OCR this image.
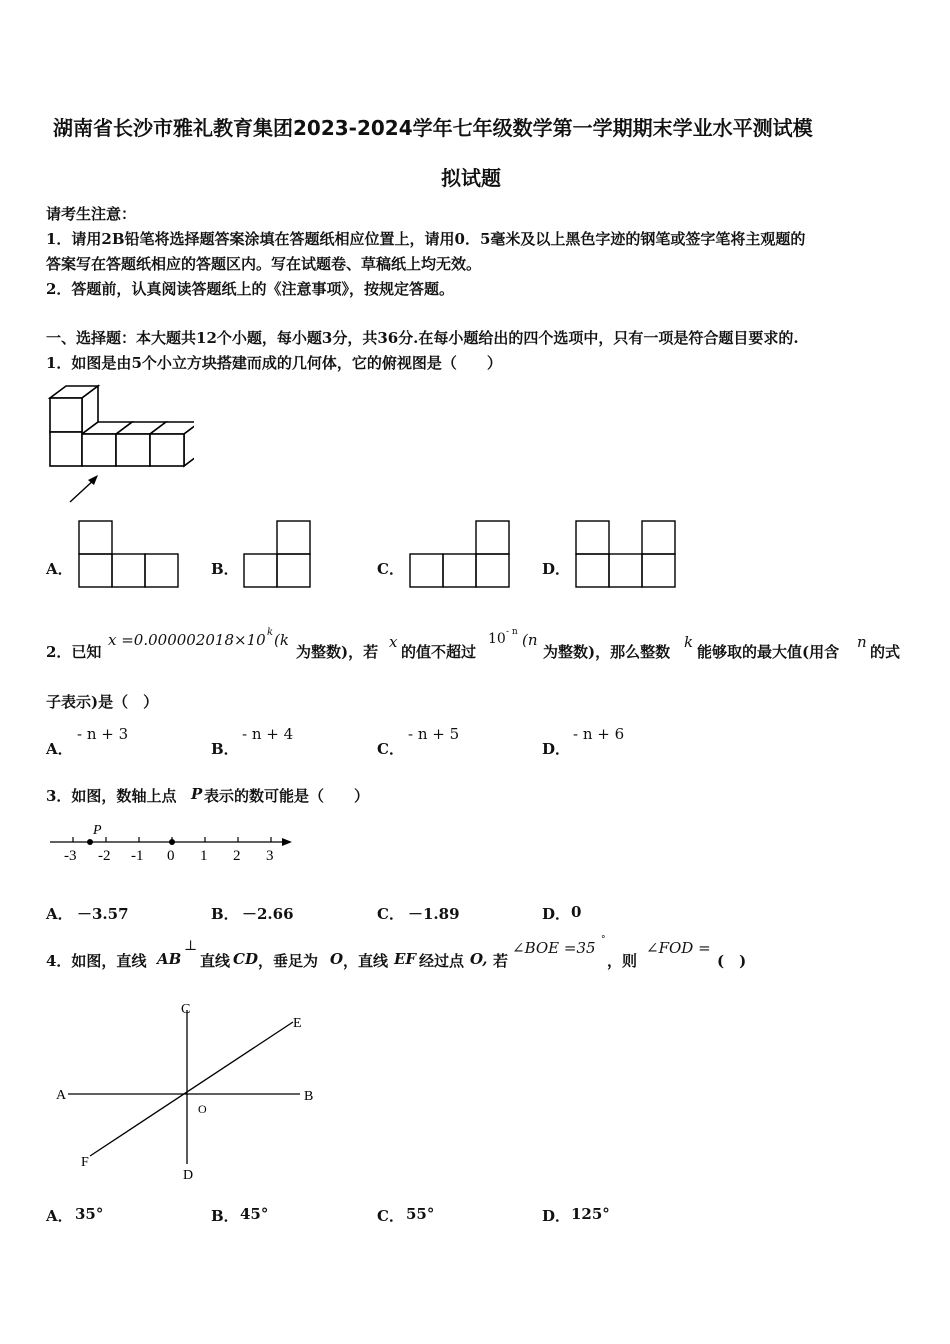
湖南省长沙市雅礼教育集团2023-2024学年七年级数学第一学期期末学业水平测试模
拟试题
请考生注意：
1．请用2B铅笔将选择题答案涂填在答题纸相应位置上，请用0．5毫米及以上黑色字迹的钢笔或签字笔将主观题的
答案写在答题纸相应的答题区内。写在试题卷、草稿纸上均无效。
2．答题前，认真阅读答题纸上的《注意事项》，按规定答题。
一、选择题：本大题共12个小题，每小题3分，共36分.在每小题给出的四个选项中，只有一项是符合题目要求的.
1．如图是由5个小立方块搭建而成的几何体，它的俯视图是（　　）
A．	B．	C．	D．
2．已知
x =0.000002018×10 k (k
为整数)，若
x
的值不超过
10 - n (n
为整数)，那么整数
k
能够取的最大值(用含
n
的式
子表示)是（　）
A．
- n + 3
B．
- n + 4
C．
- n + 5
D．
- n + 6
3．如图，数轴上点 P 表示的数可能是（　　）
P
-3 -2 -1 0 1 2 3
A． －3.57	B． －2.66	C． －1.89	D． 0
4．如图，直线 AB
⊥
直线 CD ，垂足为 O ，直线 EF 经过点 O, 若
∠BOE =35 °
，则
∠FOD =
(　)
A	B
C
D
E
F
O
A． 35°	B． 45°	C． 55°	D． 125°
